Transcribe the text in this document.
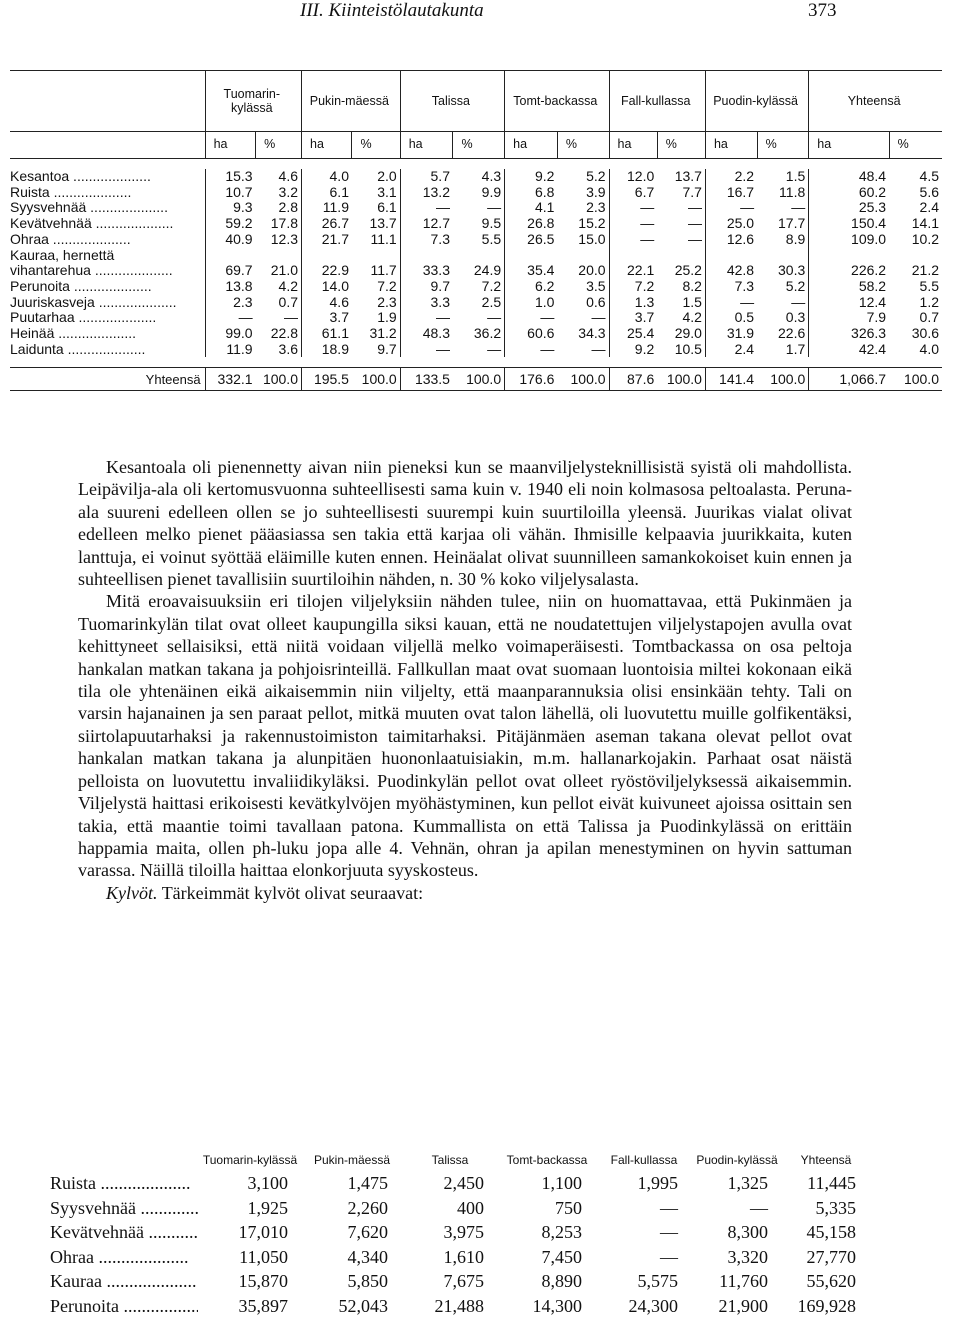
III. Kiinteistölautakunta	373
	Tuomarin-kylässä		Pukin-mäessä		Talissa		Tomt-backassa		Fall-kullassa		Puodin-kylässä		Yhteensä	
	ha	%	ha	%	ha	%	ha	%	ha	%	ha	%	ha	%

Kesantoa .....	15.3	4.6	4.0	2.0	5.7	4.3	9.2	5.2	12.0	13.7	2.2	1.5	48.4	4.5
Ruista .....	10.7	3.2	6.1	3.1	13.2	9.9	6.8	3.9	6.7	7.7	16.7	11.8	60.2	5.6
Syysvehnää .....	9.3	2.8	11.9	6.1	—	—	4.1	2.3	—	—	—	—	25.3	2.4
Kevätvehnää .....	59.2	17.8	26.7	13.7	12.7	9.5	26.8	15.2	—	—	25.0	17.7	150.4	14.1
Ohraa .....	40.9	12.3	21.7	11.1	7.3	5.5	26.5	15.0	—	—	12.6	8.9	109.0	10.2
Kauraa, hernettä														
vihantarehua .....	69.7	21.0	22.9	11.7	33.3	24.9	35.4	20.0	22.1	25.2	42.8	30.3	226.2	21.2
Perunoita .....	13.8	4.2	14.0	7.2	9.7	7.2	6.2	3.5	7.2	8.2	7.3	5.2	58.2	5.5
Juuriskasveja .....	2.3	0.7	4.6	2.3	3.3	2.5	1.0	0.6	1.3	1.5	—	—	12.4	1.2
Puutarhaa .....	—	—	3.7	1.9	—	—	—	—	3.7	4.2	0.5	0.3	7.9	0.7
Heinää .....	99.0	22.8	61.1	31.2	48.3	36.2	60.6	34.3	25.4	29.0	31.9	22.6	326.3	30.6
Laidunta .....	11.9	3.6	18.9	9.7	—	—	—	—	9.2	10.5	2.4	1.7	42.4	4.0

Yhteensä	332.1	100.0	195.5	100.0	133.5	100.0	176.6	100.0	87.6	100.0	141.4	100.0	1,066.7	100.0

Kesantoala oli pienennetty aivan niin pieneksi kun se maanviljelysteknillisistä syistä oli mahdollista. Leipävilja-ala oli kertomusvuonna suhteellisesti sama kuin v. 1940 eli noin kolmasosa peltoalasta. Peruna-ala suureni edelleen ollen se jo suhteellisesti suurempi kuin suurtiloilla yleensä. Juurikas vialat olivat edelleen melko pienet pääasiassa sen takia että karjaa oli vähän. Ihmisille kelpaavia juurikkaita, kuten lanttuja, ei voinut syöttää eläimille kuten ennen. Heinäalat olivat suunnilleen samankokoiset kuin ennen ja suhteellisen pienet tavallisiin suurtiloihin nähden, n. 30 % koko viljelysalasta.

Mitä eroavaisuuksiin eri tilojen viljelyksiin nähden tulee, niin on huomattavaa, että Pukinmäen ja Tuomarinkylän tilat ovat olleet kaupungilla siksi kauan, että ne noudatettujen viljelystapojen avulla ovat kehittyneet sellaisiksi, että niitä voidaan viljellä melko voimaperäisesti. Tomtbackassa on osa peltoja hankalan matkan takana ja pohjoisrinteillä. Fallkullan maat ovat suomaan luontoisia miltei kokonaan eikä tila ole yhtenäinen eikä aikaisemmin niin viljelty, että maanparannuksia olisi ensinkään tehty. Tali on varsin hajanainen ja sen paraat pellot, mitkä muuten ovat talon lähellä, oli luovutettu muille golfikentäksi, siirtolapuutarhaksi ja rakennustoimiston taimitarhaksi. Pitäjänmäen aseman takana olevat pellot ovat hankalan matkan takana ja alunpitäen huononlaatuisiakin, m.m. hallanarkojakin. Parhaat osat näistä pelloista on luovutettu invaliidikyläksi. Puodinkylän pellot ovat olleet ryöstöviljelyksessä aikaisemmin. Viljelystä haittasi erikoisesti kevätkylvöjen myöhästyminen, kun pellot eivät kuivuneet ajoissa osittain sen takia, että maantie toimi tavallaan patona. Kummallista on että Talissa ja Puodinkylässä on erittäin happamia maita, ollen ph-luku jopa alle 4. Vehnän, ohran ja apilan menestyminen on hyvin sattuman varassa. Näillä tiloilla haittaa elonkorjuuta syyskosteus.

Kylvöt. Tärkeimmät kylvöt olivat seuraavat:

	Tuomarin-kylässä	Pukin-mäessä	Talissa	Tomt-backassa	Fall-kullassa	Puodin-kylässä	Yhteensä
Ruista .....	3,100	1,475	2,450	1,100	1,995	1,325	11,445
Syysvehnää .....	1,925	2,260	400	750	—	—	5,335
Kevätvehnää .....	17,010	7,620	3,975	8,253	—	8,300	45,158
Ohraa .....	11,050	4,340	1,610	7,450	—	3,320	27,770
Kauraa .....	15,870	5,850	7,675	8,890	5,575	11,760	55,620
Perunoita .....	35,897	52,043	21,488	14,300	24,300	21,900	169,928
